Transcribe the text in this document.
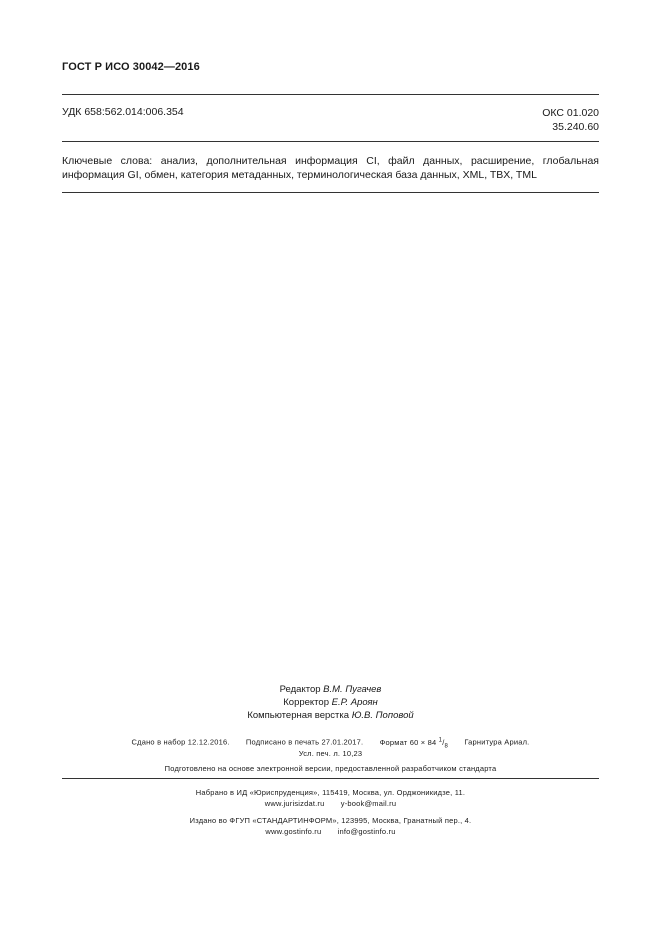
ГОСТ Р ИСО 30042—2016
УДК 658:562.014:006.354	ОКС 01.020
35.240.60
Ключевые слова: анализ, дополнительная информация CI, файл данных, расширение, глобальная информация GI, обмен, категория метаданных, терминологическая база данных, XML, TBX, TML
Редактор В.М. Пугачев
Корректор Е.Р. Ароян
Компьютерная верстка Ю.В. Поповой
Сдано в набор 12.12.2016. Подписано в печать 27.01.2017. Формат 60 × 84 $^1/_8$ Гарнитура Ариал.
Усл. печ. л. 10,23
Подготовлено на основе электронной версии, предоставленной разработчиком стандарта
Набрано в ИД «Юриспруденция», 115419, Москва, ул. Орджоникидзе, 11.
www.jurisizdat.ru y-book@mail.ru
Издано во ФГУП «СТАНДАРТИНФОРМ», 123995, Москва, Гранатный пер., 4.
www.gostinfo.ru info@gostinfo.ru
